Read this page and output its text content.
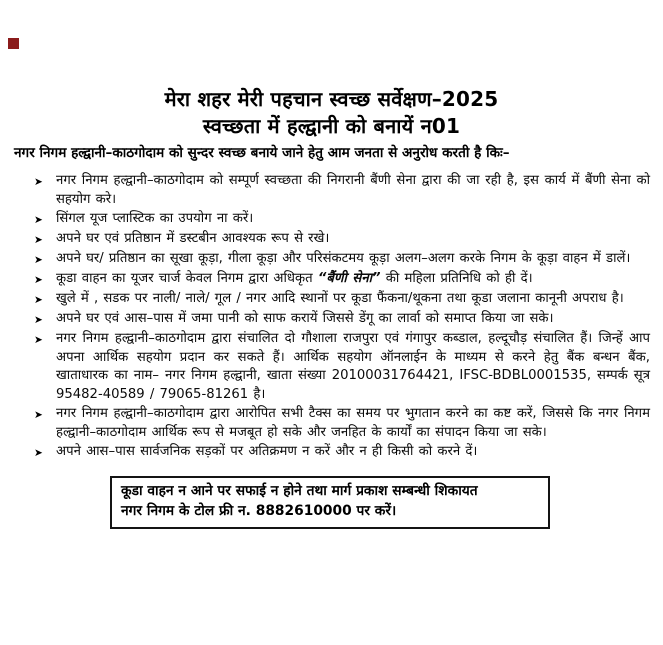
मेरा शहर मेरी पहचान स्वच्छ सर्वेक्षण–2025
स्वच्छता में हल्द्वानी को बनायें न01
नगर निगम हल्द्वानी–काठगोदाम को सुन्दर स्वच्छ बनाये जाने हेतु आम जनता से अनुरोध करती है किः–
➤ नगर निगम हल्द्वानी–काठगोदाम को सम्पूर्ण स्वच्छता की निगरानी बैंणी सेना द्वारा की जा रही है, इस कार्य में बैंणी सेना को सहयोग करे।

➤ सिंगल यूज प्लास्टिक का उपयोग ना करें।

➤ अपने घर एवं प्रतिष्ठान में डस्टबीन आवश्यक रूप से रखे।

➤ अपने घर/ प्रतिष्ठान का सूखा कूड़ा, गीला कूड़ा और परिसंकटमय कूड़ा अलग–अलग करके निगम के कूड़ा वाहन में डालें।

➤ कूडा वाहन का यूजर चार्ज केवल निगम द्वारा अधिकृत “बैंणी सेना” की महिला प्रतिनिधि को ही दें।

➤ खुले में , सडक पर नाली/ नाले/ गूल / नगर आदि स्थानों पर कूडा फैंकना/थूकना तथा कूडा जलाना कानूनी अपराध है।

➤ अपने घर एवं आस–पास में जमा पानी को साफ करायें जिससे डेंगू का लार्वा को समाप्त किया जा सके।

➤ नगर निगम हल्द्वानी–काठगोदाम द्वारा संचालित दो गौशाला राजपुरा एवं गंगापुर कब्डाल, हल्दूचौड़ संचालित हैं। जिन्हें आप अपना आर्थिक सहयोग प्रदान कर सकते हैं। आर्थिक सहयोग ऑनलाईन के माध्यम से करने हेतु बैंक बन्धन बैंक, खाताधारक का नाम– नगर निगम हल्द्वानी, खाता संख्या 20100031764421, IFSC-BDBL0001535, सम्पर्क सूत्र 95482-40589 / 79065-81261 है।

➤ नगर निगम हल्द्वानी–काठगोदाम द्वारा आरोपित सभी टैक्स का समय पर भुगतान करने का कष्ट करें, जिससे कि नगर निगम हल्द्वानी–काठगोदाम आर्थिक रूप से मजबूत हो सके और जनहित के कार्यों का संपादन किया जा सके।

➤ अपने आस–पास सार्वजनिक सड़कों पर अतिक्रमण न करें और न ही किसी को करने दें।

कूडा वाहन न आने पर सफाई न होने तथा मार्ग प्रकाश सम्बन्धी शिकायत
नगर निगम के टोल फ्री न. 8882610000 पर करें।
